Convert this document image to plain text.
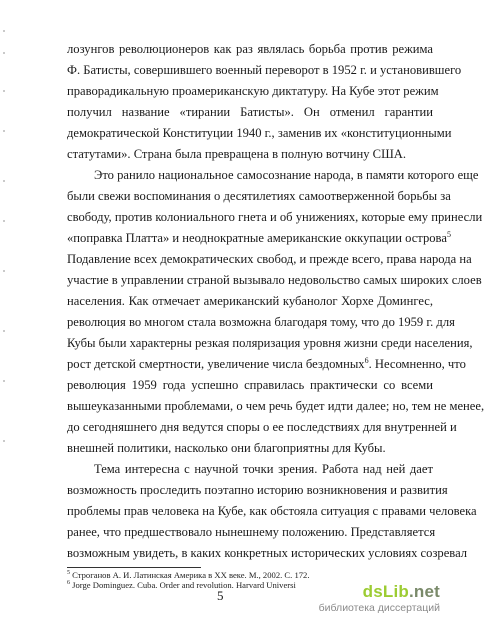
лозунгов революционеров как раз являлась борьба против режима
Ф. Батисты, совершившего военный переворот в 1952 г. и установившего
праворадикальную проамериканскую диктатуру. На Кубе этот режим
получил название «тирании Батисты». Он отменил гарантии
демократической Конституции 1940 г., заменив их «конституционными
статутами». Страна была превращена в полную вотчину США.
Это ранило национальное самосознание народа, в памяти которого еще
были свежи воспоминания о десятилетиях самоотверженной борьбы за
свободу, против колониального гнета и об унижениях, которые ему принесли
«поправка Платта» и неоднократные американские оккупации острова$^5$
Подавление всех демократических свобод, и прежде всего, права народа на
участие в управлении страной вызывало недовольство самых широких слоев
населения. Как отмечает американский кубанолог Хорхе Домингес,
революция во многом стала возможна благодаря тому, что до 1959 г. для
Кубы были характерны резкая поляризация уровня жизни среди населения,
рост детской смертности, увеличение числа бездомных$^6$. Несомненно, что
революция 1959 года успешно справилась практически со всеми
вышеуказанными проблемами, о чем речь будет идти далее; но, тем не менее,
до сегодняшнего дня ведутся споры о ее последствиях для внутренней и
внешней политики, насколько они благоприятны для Кубы.
Тема интересна с научной точки зрения. Работа над ней дает
возможность проследить поэтапно историю возникновения и развития
проблемы прав человека на Кубе, как обстояла ситуация с правами человека
ранее, что предшествовало нынешнему положению. Представляется
возможным увидеть, в каких конкретных исторических условиях созревал
$^5$ Строганов А. И. Латинская Америка в XX веке. М., 2002. С. 172.
$^6$ Jorge Dominguez. Cuba. Order and revolution. Harvard Universi
5	dsLib.net
библиотека диссертаций
